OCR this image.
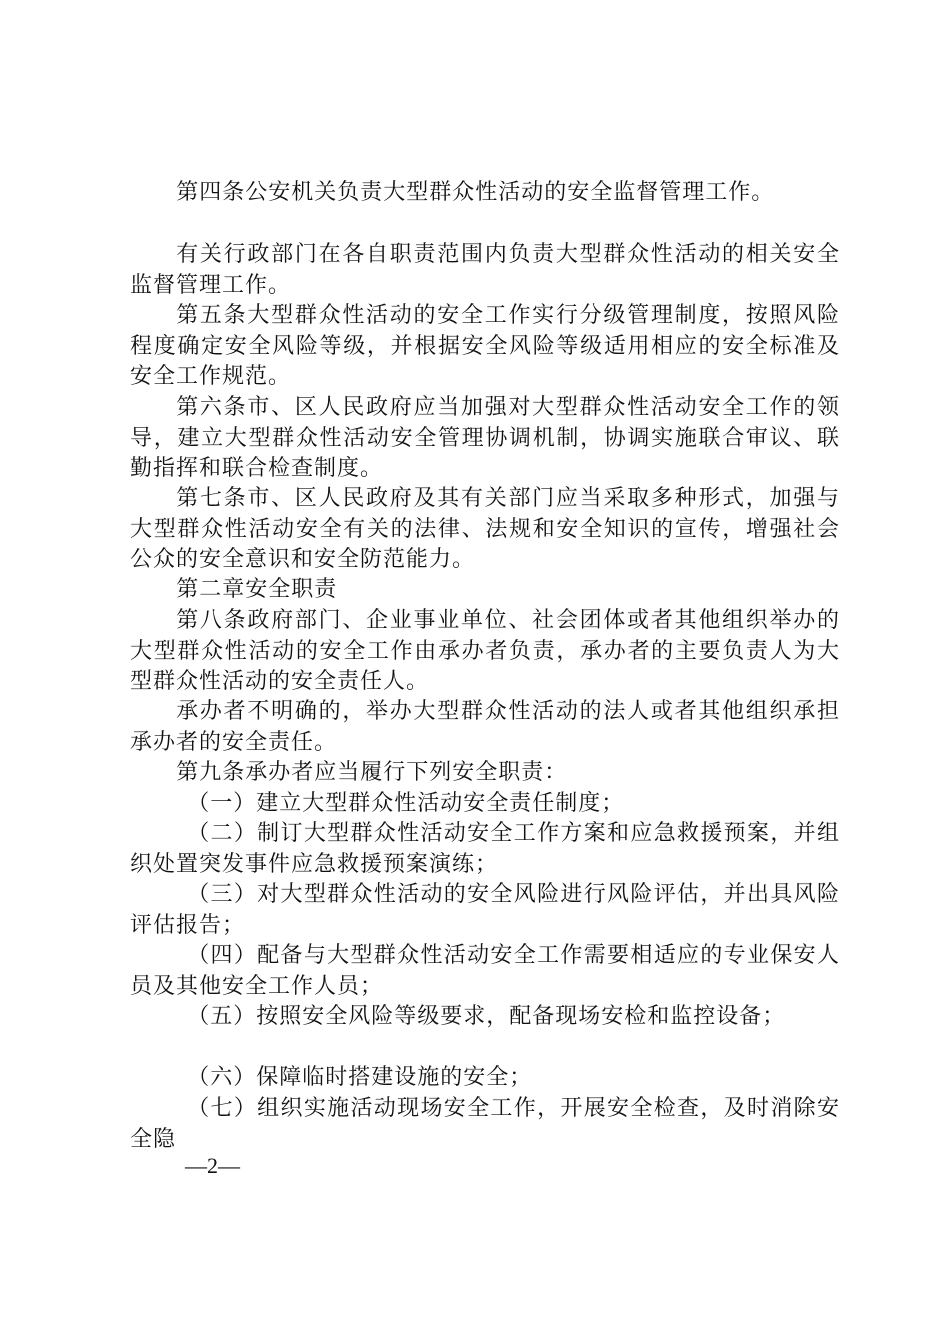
第四条公安机关负责大型群众性活动的安全监督管理工作。

有关行政部门在各自职责范围内负责大型群众性活动的相关安全监督管理工作。

第五条大型群众性活动的安全工作实行分级管理制度，按照风险程度确定安全风险等级，并根据安全风险等级适用相应的安全标准及安全工作规范。

第六条市、区人民政府应当加强对大型群众性活动安全工作的领导，建立大型群众性活动安全管理协调机制，协调实施联合审议、联勤指挥和联合检查制度。

第七条市、区人民政府及其有关部门应当采取多种形式，加强与大型群众性活动安全有关的法律、法规和安全知识的宣传，增强社会公众的安全意识和安全防范能力。

第二章安全职责

第八条政府部门、企业事业单位、社会团体或者其他组织举办的大型群众性活动的安全工作由承办者负责，承办者的主要负责人为大型群众性活动的安全责任人。

承办者不明确的，举办大型群众性活动的法人或者其他组织承担承办者的安全责任。

第九条承办者应当履行下列安全职责：

（一）建立大型群众性活动安全责任制度；

（二）制订大型群众性活动安全工作方案和应急救援预案，并组织处置突发事件应急救援预案演练；

（三）对大型群众性活动的安全风险进行风险评估，并出具风险评估报告；

（四）配备与大型群众性活动安全工作需要相适应的专业保安人员及其他安全工作人员；

（五）按照安全风险等级要求，配备现场安检和监控设备；

（六）保障临时搭建设施的安全；

（七）组织实施活动现场安全工作，开展安全检查，及时消除安全隐

—2—
